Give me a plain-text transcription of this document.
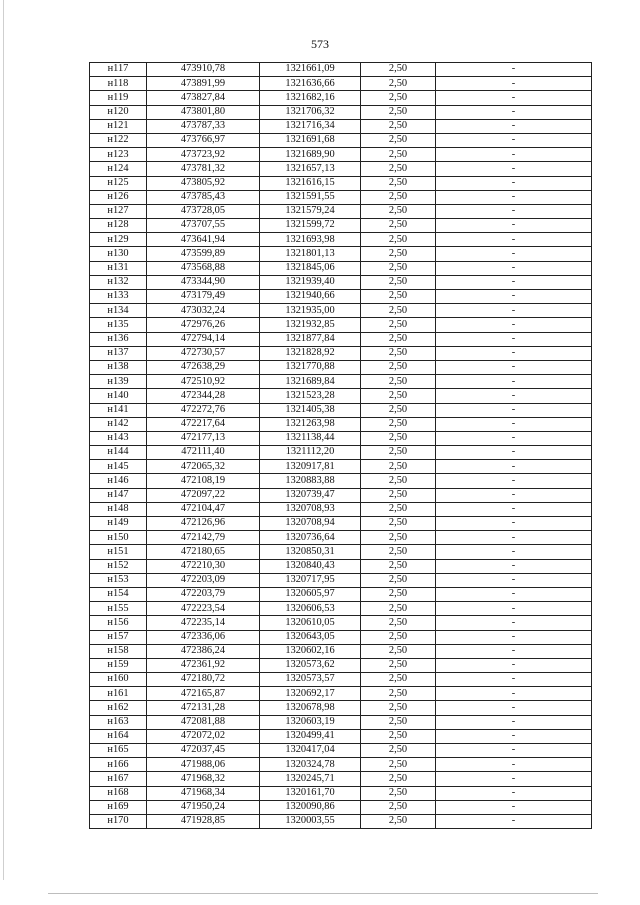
573
н117	473910,78	1321661,09	2,50	-
н118	473891,99	1321636,66	2,50	-
н119	473827,84	1321682,16	2,50	-
н120	473801,80	1321706,32	2,50	-
н121	473787,33	1321716,34	2,50	-
н122	473766,97	1321691,68	2,50	-
н123	473723,92	1321689,90	2,50	-
н124	473781,32	1321657,13	2,50	-
н125	473805,92	1321616,15	2,50	-
н126	473785,43	1321591,55	2,50	-
н127	473728,05	1321579,24	2,50	-
н128	473707,55	1321599,72	2,50	-
н129	473641,94	1321693,98	2,50	-
н130	473599,89	1321801,13	2,50	-
н131	473568,88	1321845,06	2,50	-
н132	473344,90	1321939,40	2,50	-
н133	473179,49	1321940,66	2,50	-
н134	473032,24	1321935,00	2,50	-
н135	472976,26	1321932,85	2,50	-
н136	472794,14	1321877,84	2,50	-
н137	472730,57	1321828,92	2,50	-
н138	472638,29	1321770,88	2,50	-
н139	472510,92	1321689,84	2,50	-
н140	472344,28	1321523,28	2,50	-
н141	472272,76	1321405,38	2,50	-
н142	472217,64	1321263,98	2,50	-
н143	472177,13	1321138,44	2,50	-
н144	472111,40	1321112,20	2,50	-
н145	472065,32	1320917,81	2,50	-
н146	472108,19	1320883,88	2,50	-
н147	472097,22	1320739,47	2,50	-
н148	472104,47	1320708,93	2,50	-
н149	472126,96	1320708,94	2,50	-
н150	472142,79	1320736,64	2,50	-
н151	472180,65	1320850,31	2,50	-
н152	472210,30	1320840,43	2,50	-
н153	472203,09	1320717,95	2,50	-
н154	472203,79	1320605,97	2,50	-
н155	472223,54	1320606,53	2,50	-
н156	472235,14	1320610,05	2,50	-
н157	472336,06	1320643,05	2,50	-
н158	472386,24	1320602,16	2,50	-
н159	472361,92	1320573,62	2,50	-
н160	472180,72	1320573,57	2,50	-
н161	472165,87	1320692,17	2,50	-
н162	472131,28	1320678,98	2,50	-
н163	472081,88	1320603,19	2,50	-
н164	472072,02	1320499,41	2,50	-
н165	472037,45	1320417,04	2,50	-
н166	471988,06	1320324,78	2,50	-
н167	471968,32	1320245,71	2,50	-
н168	471968,34	1320161,70	2,50	-
н169	471950,24	1320090,86	2,50	-
н170	471928,85	1320003,55	2,50	-
